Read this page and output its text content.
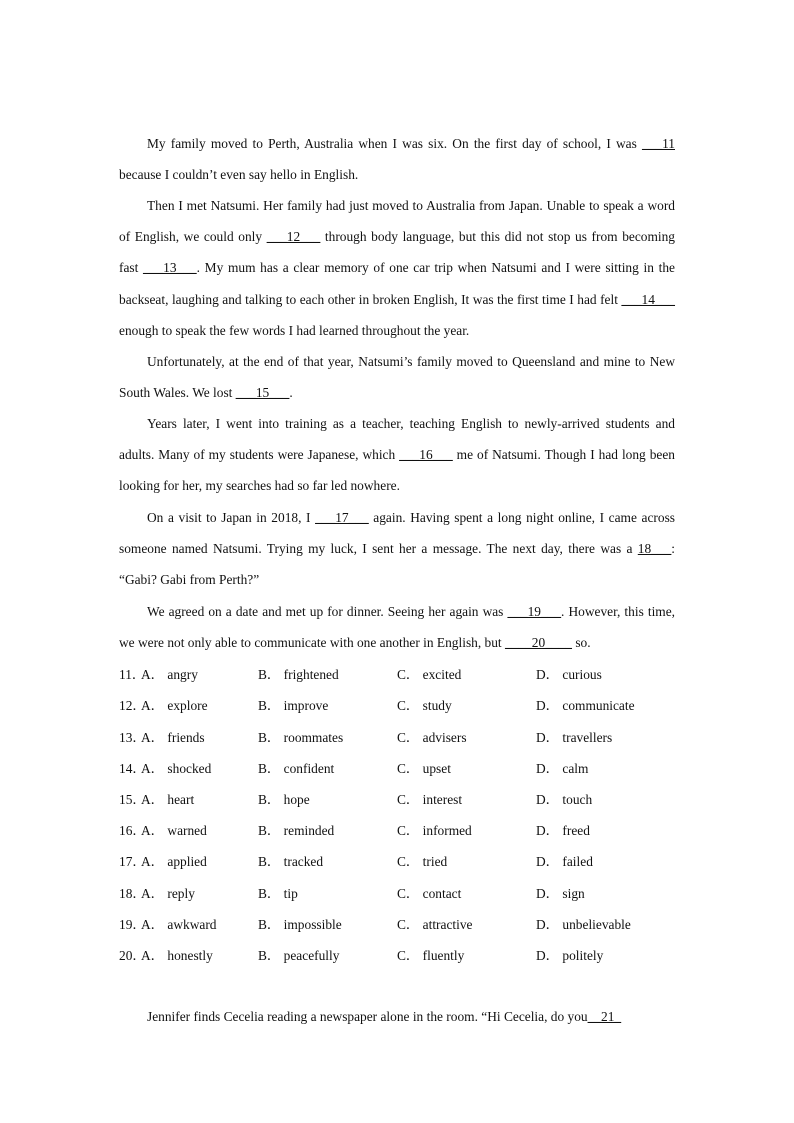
My family moved to Perth, Australia when I was six. On the first day of school, I was ___11 because I couldn’t even say hello in English.

Then I met Natsumi. Her family had just moved to Australia from Japan. Unable to speak a word of English, we could only ___12___ through body language, but this did not stop us from becoming fast ___13___. My mum has a clear memory of one car trip when Natsumi and I were sitting in the backseat, laughing and talking to each other in broken English, It was the first time I had felt ___14___ enough to speak the few words I had learned throughout the year.

Unfortunately, at the end of that year, Natsumi’s family moved to Queensland and mine to New South Wales. We lost ___15___.

Years later, I went into training as a teacher, teaching English to newly-arrived students and adults. Many of my students were Japanese, which ___16___ me of Natsumi. Though I had long been looking for her, my searches had so far led nowhere.

On a visit to Japan in 2018, I ___17___ again. Having spent a long night online, I came across someone named Natsumi. Trying my luck, I sent her a message. The next day, there was a 18___: “Gabi? Gabi from Perth?”

We agreed on a date and met up for dinner. Seeing her again was ___19___. However, this time, we were not only able to communicate with one another in English, but ____20____ so.

11．
A． angry	B． frightened	C． excited	D． curious
12．
A． explore	B． improve	C． study	D． communicate
13．
A． friends	B． roommates	C． advisers	D． travellers
14．
A． shocked	B． confident	C． upset	D． calm
15．
A． heart	B． hope	C． interest	D． touch
16．
A． warned	B． reminded	C． informed	D． freed
17．
A． applied	B． tracked	C． tried	D． failed
18．
A． reply	B． tip	C． contact	D． sign
19．
A． awkward	B． impossible	C． attractive	D． unbelievable
20．
A． honestly	B． peacefully	C． fluently	D． politely

Jennifer finds Cecelia reading a newspaper alone in the room. “Hi Cecelia, do you__21_
